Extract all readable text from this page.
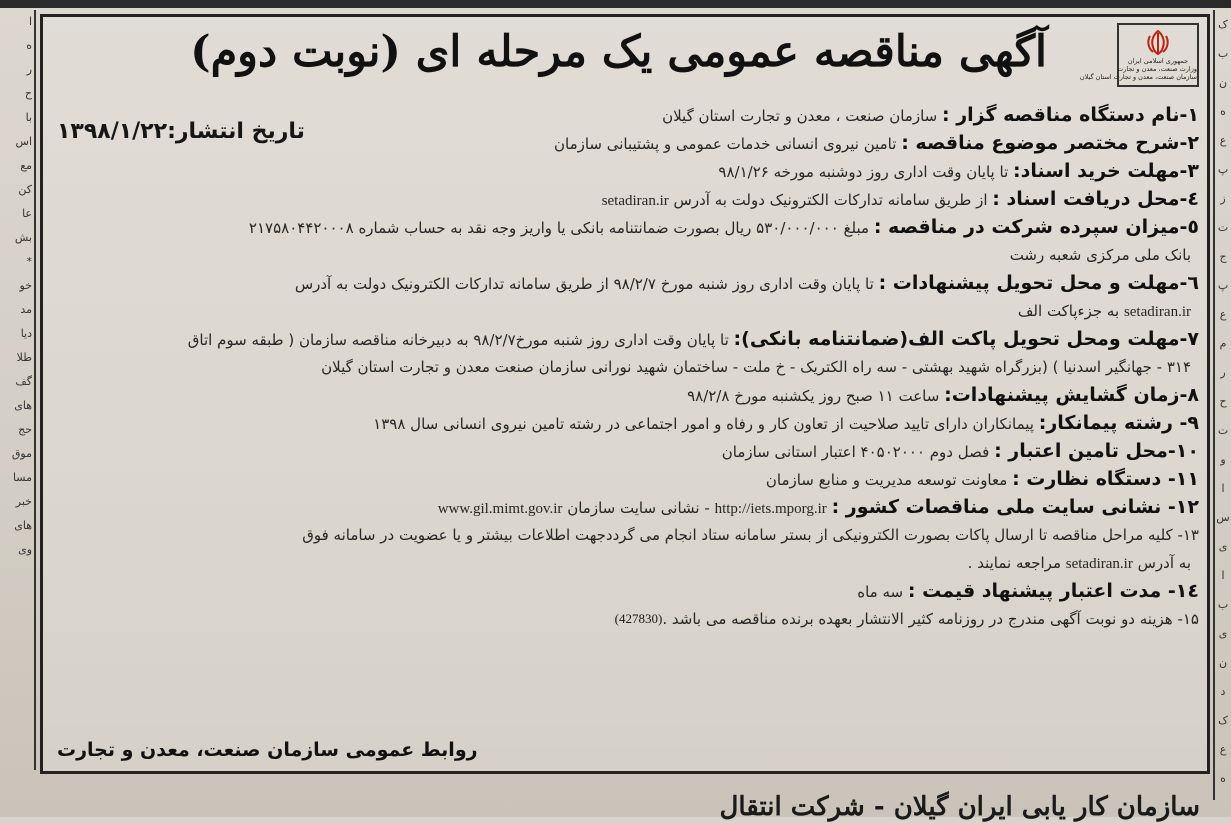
ا
ه
ر
ح
با
اس
مع
کن
عا
بش
*
خو
مد
دیا
طلا
گف
های
حج
موق
مسا
خبر
های
وی
ک
ب
ن
ه
ع
پ
ز
ت
ج
پ
ع
م
ر
ح
ت
و
ا
س
ی
ا
ب
ی
ن
د
ک
ع
ه
جمهوری اسلامی ایران
وزارت صنعت، معدن و تجارت
سازمان صنعت، معدن و تجارت استان گیلان
آگهی مناقصه عمومی یک مرحله ای (نوبت دوم)
تاریخ انتشار:۱۳۹۸/۱/۲۲
۱-نام دستگاه مناقصه گزار : سازمان صنعت ، معدن و تجارت استان گیلان
۲-شرح مختصر موضوع مناقصه : تامین نیروی انسانی خدمات عمومی و پشتیبانی سازمان
۳-مهلت خرید اسناد: تا پایان وقت اداری روز دوشنبه مورخه ۹۸/۱/۲۶
٤-محل دریافت اسناد : از طریق سامانه تدارکات الکترونیک دولت به آدرس setadiran.ir
٥-میزان سپرده شرکت در مناقصه : مبلغ ۵۳۰/۰۰۰/۰۰۰ ریال بصورت ضمانتنامه بانکی یا واریز وجه نقد به حساب شماره ۲۱۷۵۸۰۴۴۲۰۰۰۸
بانک ملی مرکزی شعبه رشت
٦-مهلت و محل تحویل پیشنهادات : تا پایان وقت اداری روز شنبه مورخ ۹۸/۲/۷ از طریق سامانه تدارکات الکترونیک دولت به آدرس
setadiran.ir به جزءپاکت الف
۷-مهلت ومحل تحویل پاکت الف(ضمانتنامه بانکی): تا پایان وقت اداری روز شنبه مورخ۹۸/۲/۷ به دبیرخانه مناقصه سازمان ( طبقه سوم اتاق
۳۱۴ - جهانگیر اسدنیا ) (بزرگراه شهید بهشتی - سه راه الکتریک - خ ملت - ساختمان شهید نورانی سازمان صنعت معدن و تجارت استان گیلان
۸-زمان گشایش پیشنهادات: ساعت ۱۱ صبح روز یکشنبه مورخ ۹۸/۲/۸
۹- رشته پیمانکار: پیمانکاران دارای تایید صلاحیت از تعاون کار و رفاه و امور اجتماعی در رشته تامین نیروی انسانی سال ۱۳۹۸
۱۰-محل تامین اعتبار : فصل دوم ۴۰۵۰۲۰۰۰ اعتبار استانی سازمان
۱۱- دستگاه نظارت : معاونت توسعه مدیریت و منابع سازمان
۱۲- نشانی سایت ملی مناقصات کشور : http://iets.mporg.ir - نشانی سایت سازمان www.gil.mimt.gov.ir
۱۳- کلیه مراحل مناقصه تا ارسال پاکات بصورت الکترونیکی از بستر سامانه ستاد انجام می گرددجهت اطلاعات بیشتر و یا عضویت در سامانه فوق
به آدرس setadiran.ir مراجعه نمایند .
١٤- مدت اعتبار پیشنهاد قیمت : سه ماه
۱۵- هزینه دو نوبت آگهی مندرج در روزنامه کثیر الانتشار بعهده برنده مناقصه می باشد .(427830)
روابط عمومی سازمان صنعت، معدن و تجارت
سازمان کار یابی ایران گیلان - شرکت انتقال
